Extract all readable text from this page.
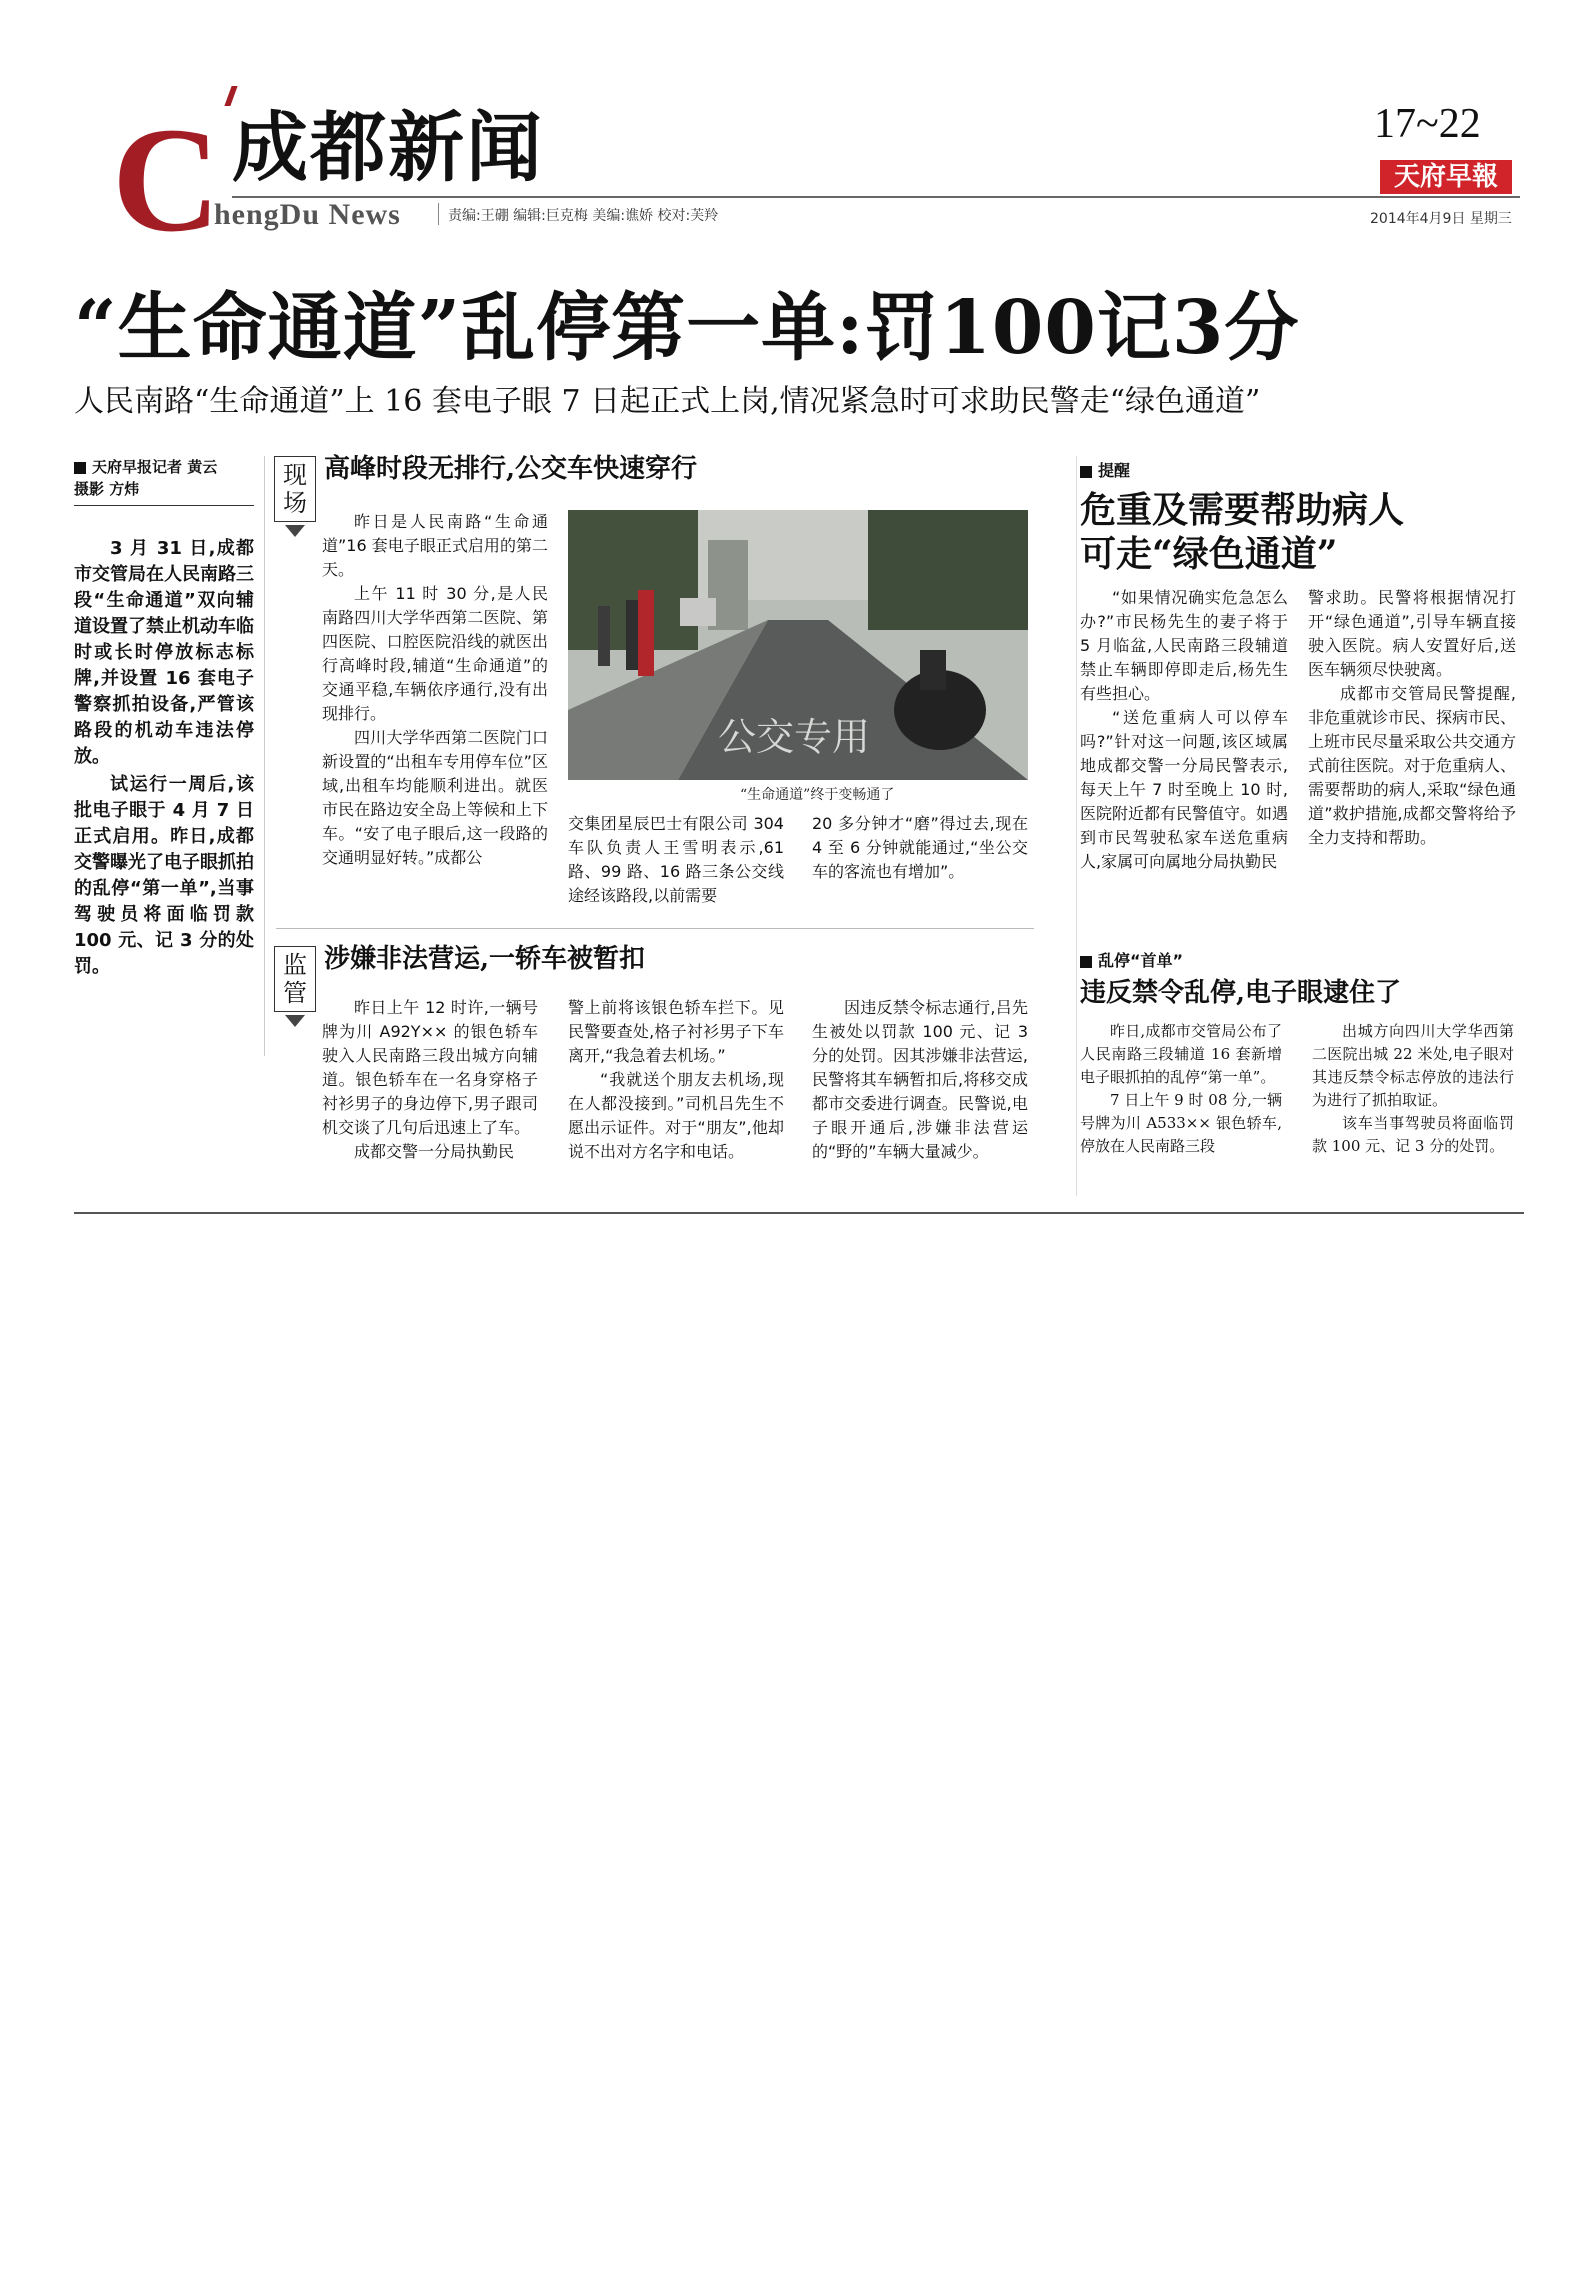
C 成都新闻
hengDu News	责编:王硼 编辑:巨克梅 美编:谯娇 校对:芙羚
17~22
天府早報
2014年4月9日 星期三
“生命通道”乱停第一单:罚100记3分
人民南路“生命通道”上 16 套电子眼 7 日起正式上岗,情况紧急时可求助民警走“绿色通道”
天府早报记者 黄云
摄影 方炜

3 月 31 日,成都市交管局在人民南路三段“生命通道”双向辅道设置了禁止机动车临时或长时停放标志标牌,并设置 16 套电子警察抓拍设备,严管该路段的机动车违法停放。

试运行一周后,该批电子眼于 4 月 7 日正式启用。昨日,成都交警曝光了电子眼抓拍的乱停“第一单”,当事驾驶员将面临罚款 100 元、记 3 分的处罚。

现场
高峰时段无排行,公交车快速穿行

昨日是人民南路“生命通道”16 套电子眼正式启用的第二天。

上午 11 时 30 分,是人民南路四川大学华西第二医院、第四医院、口腔医院沿线的就医出行高峰时段,辅道“生命通道”的交通平稳,车辆依序通行,没有出现排行。

四川大学华西第二医院门口新设置的“出租车专用停车位”区域,出租车均能顺利进出。就医市民在路边安全岛上等候和上下车。“安了电子眼后,这一段路的交通明显好转。”成都公

公交专用
“生命通道”终于变畅通了

交集团星辰巴士有限公司 304 车队负责人王雪明表示,61 路、99 路、16 路三条公交线途经该路段,以前需要

20 多分钟才“磨”得过去,现在 4 至 6 分钟就能通过,“坐公交车的客流也有增加”。

监管
涉嫌非法营运,一轿车被暂扣

昨日上午 12 时许,一辆号牌为川 A92Y×× 的银色轿车驶入人民南路三段出城方向辅道。银色轿车在一名身穿格子衬衫男子的身边停下,男子跟司机交谈了几句后迅速上了车。

成都交警一分局执勤民

警上前将该银色轿车拦下。见民警要查处,格子衬衫男子下车离开,“我急着去机场。”

“我就送个朋友去机场,现在人都没接到。”司机吕先生不愿出示证件。对于“朋友”,他却说不出对方名字和电话。

因违反禁令标志通行,吕先生被处以罚款 100 元、记 3 分的处罚。因其涉嫌非法营运,民警将其车辆暂扣后,将移交成都市交委进行调查。民警说,电子眼开通后,涉嫌非法营运的“野的”车辆大量减少。

提醒
危重及需要帮助病人
可走“绿色通道”

“如果情况确实危急怎么办?”市民杨先生的妻子将于 5 月临盆,人民南路三段辅道禁止车辆即停即走后,杨先生有些担心。

“送危重病人可以停车吗?”针对这一问题,该区域属地成都交警一分局民警表示,每天上午 7 时至晚上 10 时,医院附近都有民警值守。如遇到市民驾驶私家车送危重病人,家属可向属地分局执勤民

警求助。民警将根据情况打开“绿色通道”,引导车辆直接驶入医院。病人安置好后,送医车辆须尽快驶离。

成都市交管局民警提醒,非危重就诊市民、探病市民、上班市民尽量采取公共交通方式前往医院。对于危重病人、需要帮助的病人,采取“绿色通道”救护措施,成都交警将给予全力支持和帮助。

乱停“首单”
违反禁令乱停,电子眼逮住了

昨日,成都市交管局公布了人民南路三段辅道 16 套新增电子眼抓拍的乱停“第一单”。

7 日上午 9 时 08 分,一辆号牌为川 A533×× 银色轿车,停放在人民南路三段

出城方向四川大学华西第二医院出城 22 米处,电子眼对其违反禁令标志停放的违法行为进行了抓拍取证。

该车当事驾驶员将面临罚款 100 元、记 3 分的处罚。
